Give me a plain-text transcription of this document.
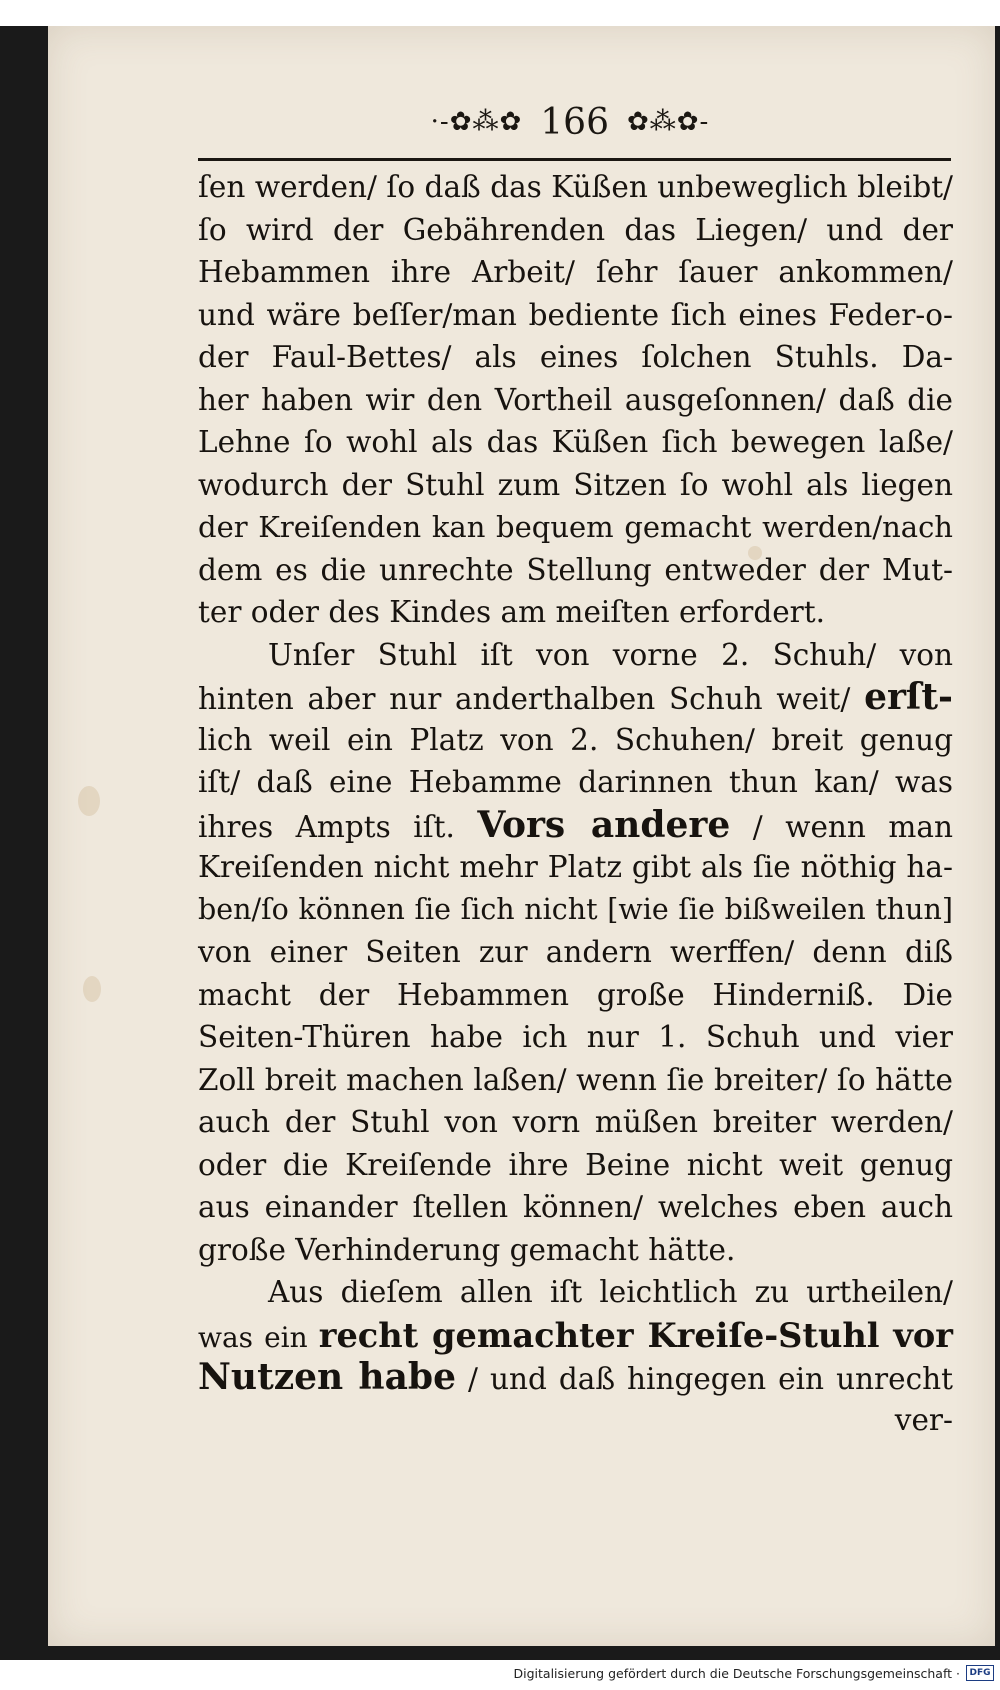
·-✿⁂✿ 166 ✿⁂✿-
ſen werden/ ſo daß das Küßen unbeweglich bleibt/
ſo wird der Gebährenden das Liegen/ und der
Hebammen ihre Arbeit/ ſehr ſauer ankommen/
und wäre beſſer/man bediente ſich eines Feder-o-
der Faul-Bettes/ als eines ſolchen Stuhls. Da-
her haben wir den Vortheil ausgeſonnen/ daß die
Lehne ſo wohl als das Küßen ſich bewegen laße/
wodurch der Stuhl zum Sitzen ſo wohl als liegen
der Kreiſenden kan bequem gemacht werden/nach
dem es die unrechte Stellung entweder der Mut-
ter oder des Kindes am meiſten erfordert.
Unſer Stuhl iſt von vorne 2. Schuh/ von
hinten aber nur anderthalben Schuh weit/ erſt-
lich weil ein Platz von 2. Schuhen/ breit genug
iſt/ daß eine Hebamme darinnen thun kan/ was
ihres Ampts iſt. Vors andere / wenn man
Kreiſenden nicht mehr Platz gibt als ſie nöthig ha-
ben/ſo können ſie ſich nicht [wie ſie bißweilen thun]
von einer Seiten zur andern werffen/ denn diß
macht der Hebammen große Hinderniß. Die
Seiten-Thüren habe ich nur 1. Schuh und vier
Zoll breit machen laßen/ wenn ſie breiter/ ſo hätte
auch der Stuhl von vorn müßen breiter werden/
oder die Kreiſende ihre Beine nicht weit genug
aus einander ſtellen können/ welches eben auch
große Verhinderung gemacht hätte.
Aus dieſem allen iſt leichtlich zu urtheilen/
was ein recht gemachter Kreiſe-Stuhl vor
Nutzen habe / und daß hingegen ein unrecht
ver-
Digitalisierung gefördert durch die Deutsche Forschungsgemeinschaft ·	DFG
